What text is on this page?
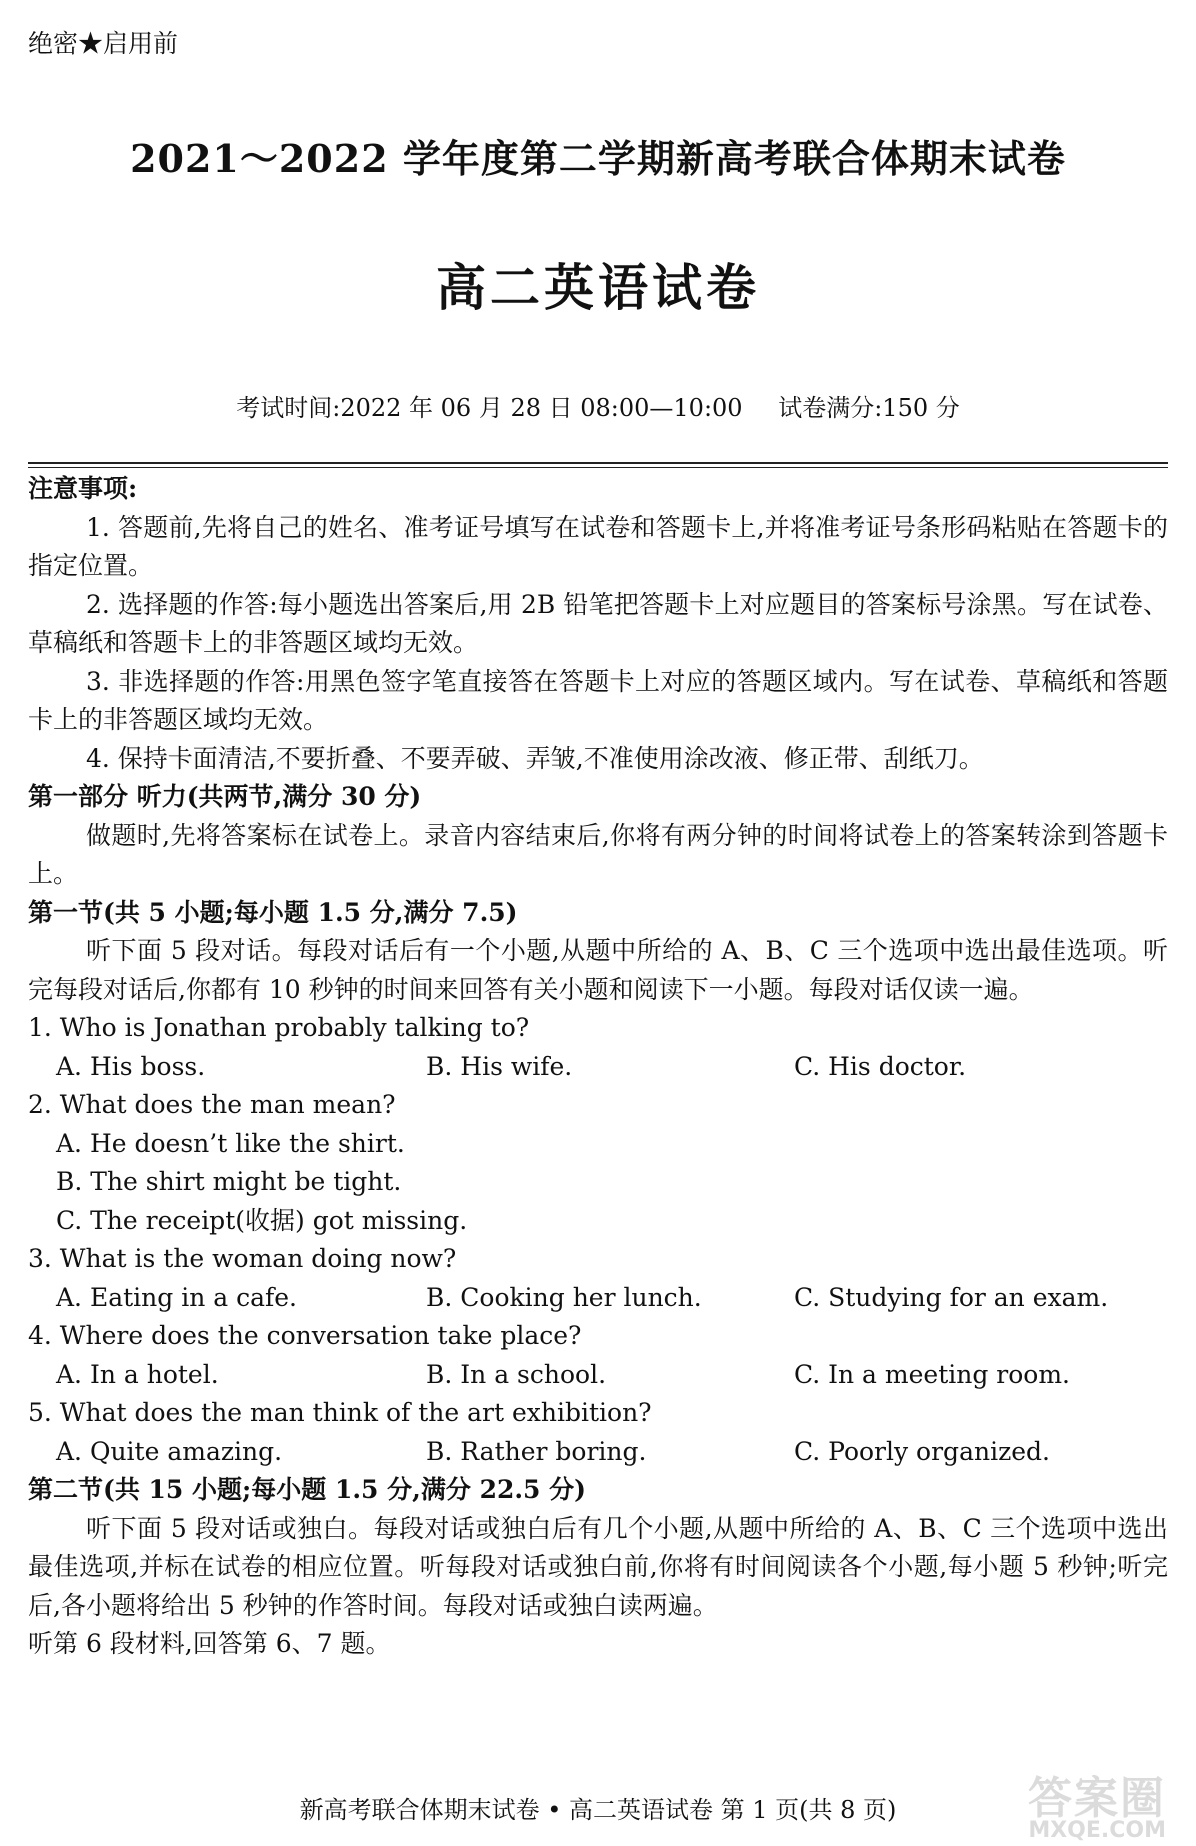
绝密★启用前
2021～2022 学年度第二学期新高考联合体期末试卷
高二英语试卷
考试时间:2022 年 06 月 28 日 08:00—10:00 试卷满分:150 分

注意事项:

1. 答题前,先将自己的姓名、准考证号填写在试卷和答题卡上,并将准考证号条形码粘贴在答题卡的指定位置。

2. 选择题的作答:每小题选出答案后,用 2B 铅笔把答题卡上对应题目的答案标号涂黑。写在试卷、草稿纸和答题卡上的非答题区域均无效。

3. 非选择题的作答:用黑色签字笔直接答在答题卡上对应的答题区域内。写在试卷、草稿纸和答题卡上的非答题区域均无效。

4. 保持卡面清洁,不要折叠、不要弄破、弄皱,不准使用涂改液、修正带、刮纸刀。

第一部分 听力(共两节,满分 30 分)

做题时,先将答案标在试卷上。录音内容结束后,你将有两分钟的时间将试卷上的答案转涂到答题卡上。

第一节(共 5 小题;每小题 1.5 分,满分 7.5)

听下面 5 段对话。每段对话后有一个小题,从题中所给的 A、B、C 三个选项中选出最佳选项。听完每段对话后,你都有 10 秒钟的时间来回答有关小题和阅读下一小题。每段对话仅读一遍。

1. Who is Jonathan probably talking to?

A. His boss.	B. His wife.	C. His doctor.

2. What does the man mean?

A. He doesn’t like the shirt.

B. The shirt might be tight.

C. The receipt(收据) got missing.

3. What is the woman doing now?

A. Eating in a cafe.	B. Cooking her lunch.	C. Studying for an exam.

4. Where does the conversation take place?

A. In a hotel.	B. In a school.	C. In a meeting room.

5. What does the man think of the art exhibition?

A. Quite amazing.	B. Rather boring.	C. Poorly organized.

第二节(共 15 小题;每小题 1.5 分,满分 22.5 分)

听下面 5 段对话或独白。每段对话或独白后有几个小题,从题中所给的 A、B、C 三个选项中选出最佳选项,并标在试卷的相应位置。听每段对话或独白前,你将有时间阅读各个小题,每小题 5 秒钟;听完后,各小题将给出 5 秒钟的作答时间。每段对话或独白读两遍。

听第 6 段材料,回答第 6、7 题。

新高考联合体期末试卷 • 高二英语试卷 第 1 页(共 8 页)	答案圈
MXQE.COM
